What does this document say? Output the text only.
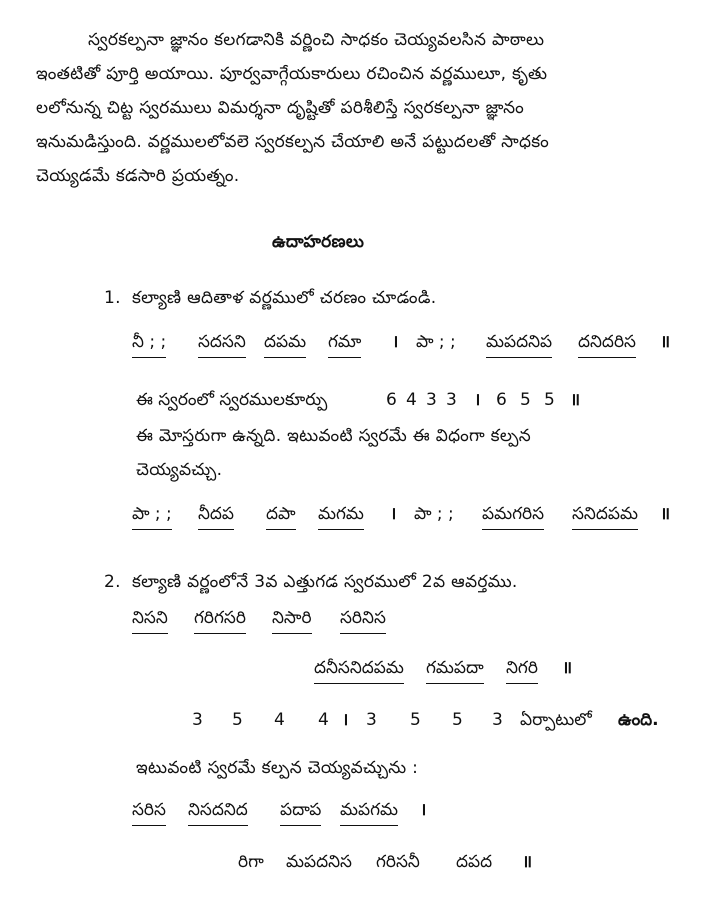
స్వరకల్పనా జ్ఞానం కలగడానికి వర్ణించి సాధకం చెయ్యవలసిన పాఠాలు
ఇంతటితో పూర్తి అయాయి. పూర్వవాగ్గేయకారులు రచించిన వర్ణములూ, కృతు
లలోనున్న చిట్ట స్వరములు విమర్శనా దృష్టితో పరిశీలిస్తే స్వరకల్పనా జ్ఞానం
ఇనుమడిస్తుంది. వర్ణములలోవలె స్వరకల్పన చేయాలి అనే పట్టుదలతో సాధకం
చెయ్యడమే కడసారి ప్రయత్నం.
ఉదాహరణలు
1. కల్యాణి ఆదితాళ వర్ణములో చరణం చూడండి.
నీ ; ; సదసని దపమ గమా । పా ; ; మపదనిప దనిదరిస ॥
ఈ స్వరంలో స్వరములకూర్పు	6 4 3 3 । 6 5 5 ॥
ఈ మోస్తరుగా ఉన్నది. ఇటువంటి స్వరమే ఈ విధంగా కల్పన
చెయ్యవచ్చు.
పా ; ; నీదప దపా మగమ । పా ; ; పమగరిస సనిదపమ ॥
2. కల్యాణి వర్ణంలోనే 3వ ఎత్తుగడ స్వరములో 2వ ఆవర్తము.
నిసని గరిగసరి నిసారి సరినిస
దనీసనిదపమ గమపదా నిగరి ॥
3 5 4 4 । 3 5 5 3 ఏర్పాటులో ఉంది.
ఇటువంటి స్వరమే కల్పన చెయ్యవచ్చును :
సరిస నిసదనిద పదాప మపగమ ।
రిగా మపదనిస గరిసనీ దపద ॥
